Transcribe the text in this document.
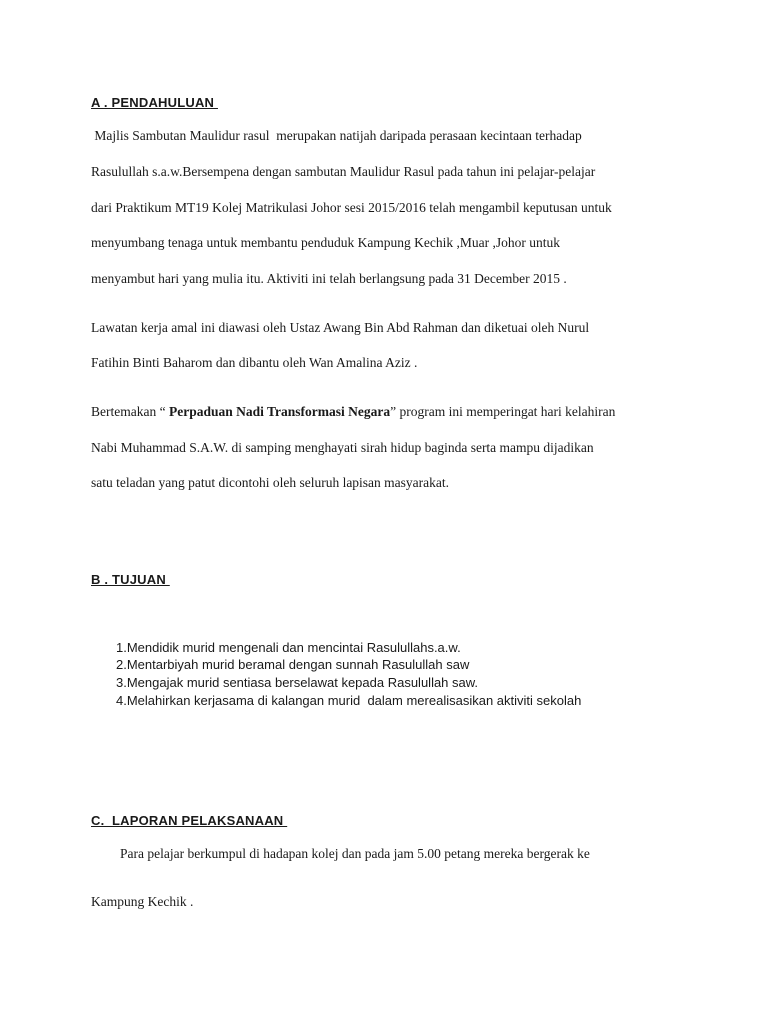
A . PENDAHULUAN

Majlis Sambutan Maulidur rasul  merupakan natijah daripada perasaan kecintaan terhadap

Rasulullah s.a.w.Bersempena dengan sambutan Maulidur Rasul pada tahun ini pelajar-pelajar

dari Praktikum MT19 Kolej Matrikulasi Johor sesi 2015/2016 telah mengambil keputusan untuk

menyumbang tenaga untuk membantu penduduk Kampung Kechik ,Muar ,Johor untuk

menyambut hari yang mulia itu. Aktiviti ini telah berlangsung pada 31 December 2015 .

Lawatan kerja amal ini diawasi oleh Ustaz Awang Bin Abd Rahman dan diketuai oleh Nurul

Fatihin Binti Baharom dan dibantu oleh Wan Amalina Aziz .

Bertemakan “ Perpaduan Nadi Transformasi Negara” program ini memperingat hari kelahiran

Nabi Muhammad S.A.W. di samping menghayati sirah hidup baginda serta mampu dijadikan

satu teladan yang patut dicontohi oleh seluruh lapisan masyarakat.

B . TUJUAN

1.Mendidik murid mengenali dan mencintai Rasulullahs.a.w.

2.Mentarbiyah murid beramal dengan sunnah Rasulullah saw

3.Mengajak murid sentiasa berselawat kepada Rasulullah saw.

4.Melahirkan kerjasama di kalangan murid  dalam merealisasikan aktiviti sekolah

C.  LAPORAN PELAKSANAAN

Para pelajar berkumpul di hadapan kolej dan pada jam 5.00 petang mereka bergerak ke

Kampung Kechik .
